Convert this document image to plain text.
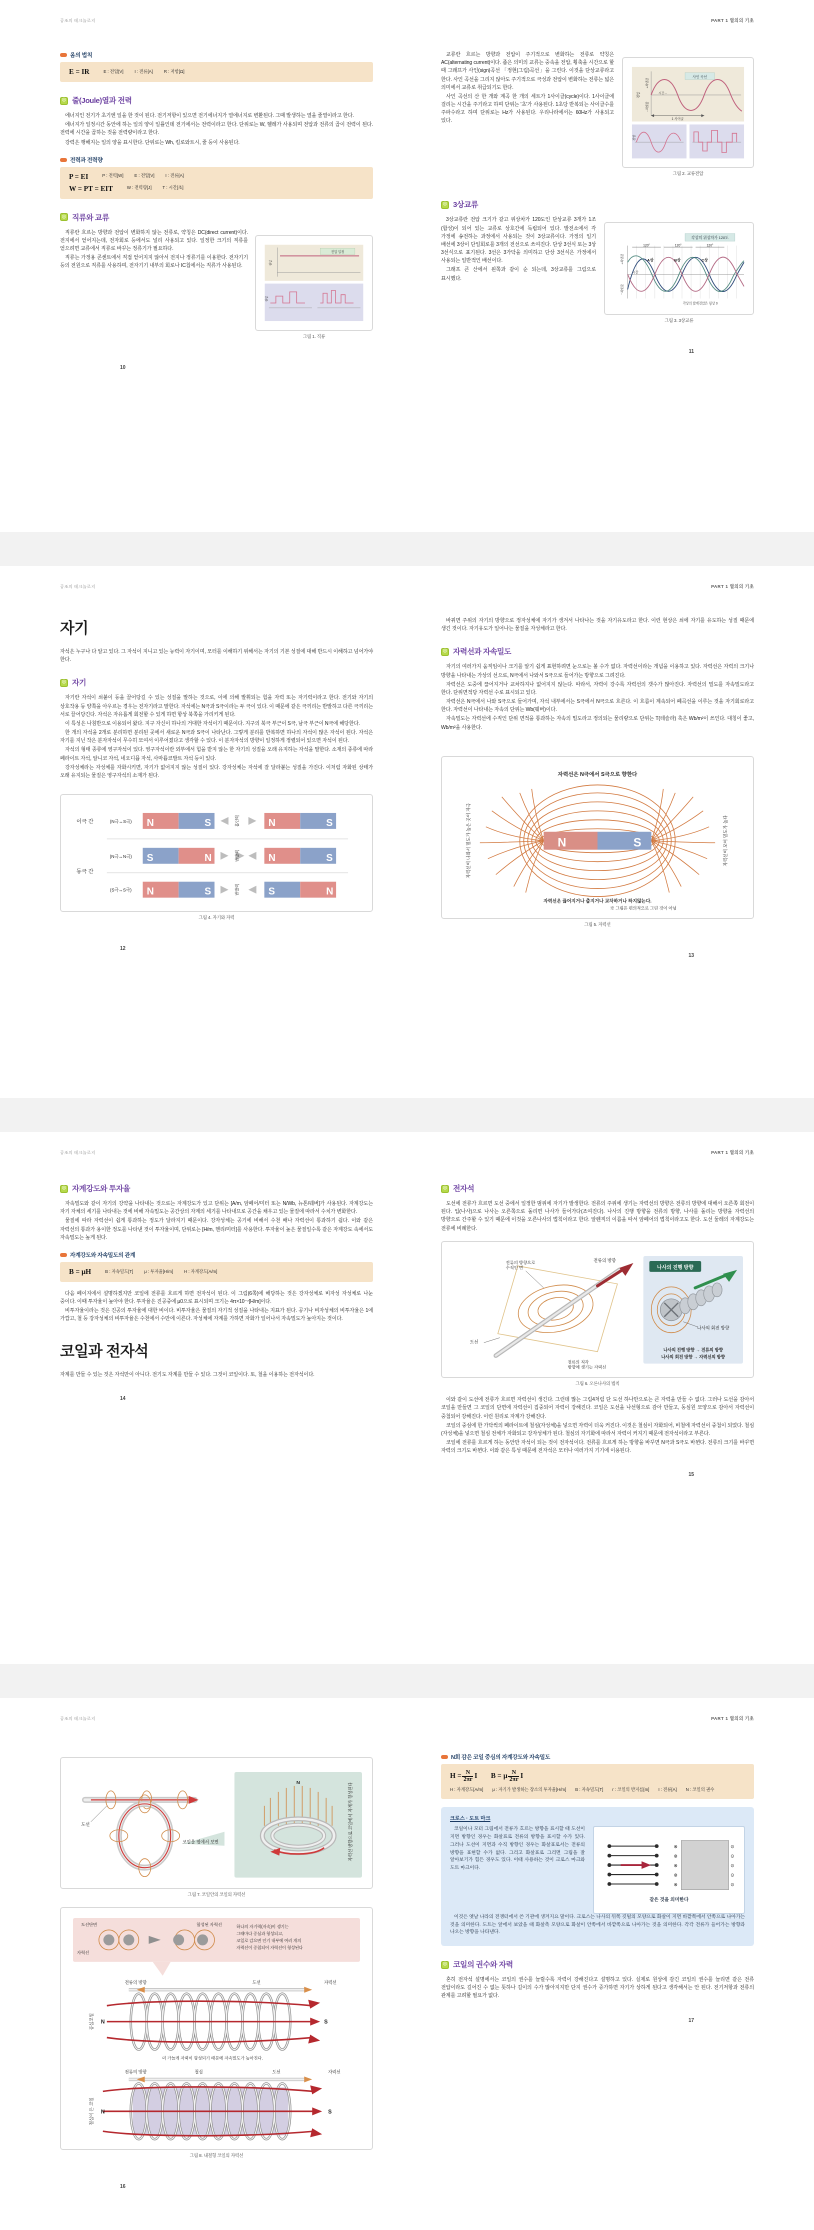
공조의 테크놀로지
옴의 법칙
E = IR	E : 전압[V]	I : 전류[A]	R : 저항[Ω]
◎ 줄(Joule)열과 전력

에너지인 전기가 초기엔 일을 한 것이 된다. 전기저항이 있으면 전기에너지가 열에너지로 변환된다. 그때 발생하는 열을 줄열이라고 한다.

에너지가 일정시간 동안에 하는 일의 양이 일률인데 전기에서는 전력이라고 한다. 단위로는 W, 헬레가 사용되며 전압과 전류의 곱이 전력이 된다. 전력에 시간을 곱하는 것을 전력량이라고 한다.

강력은 행해지는 일의 양을 표시한다. 단위로는 Wh, 킬로와트시, 줄 등이 사용된다.

전력과 전력량
P = EI	P : 전력[W]	E : 전압[V]	I : 전류[A]
W = PT = EIT	W : 전력량[J]	T : 시간[초]
◎ 직류와 교류

직류란 흐르는 방향과 전압이 변화하지 않는 전류로, 약칭은 DC(direct current)이다. 전지에서 얻어지는데, 전자회로 등에서도 널리 사용되고 있다. 일정한 크기의 직류를 얻으려면 교류에서 직류로 바꾸는 정류기가 필요하다.

직류는 가정용 콘센트에서 직접 얻어지지 않아서 전지나 정류기를 이용한다. 전자기기 등의 전원으로 직류를 사용하며, 전자기기 내부의 회로나 IC칩에서는 직류가 사용된다.

전압 일정
전압
전압
그림 1. 직류
10
PART 1 열의의 기초

교류란 흐르는 방향과 전압이 주기적으로 변화하는 전류로 약칭은 AC(alternating current)이다. 좁은 의미의 교류는 중속을 전압, 횡축을 시간으로 할 때 그래프가 사인(sign)곡선 「정현(그림)곡선」을 그린다. 이것을 단상교류라고 한다. 사인 곡선을 그리지 않아도 주기적으로 극성과 전압이 변화하는 전류는 넓은 의미에서 교류로 취급되기도 한다.

사인 곡선의 산 한 개와 계곡 한 개의 세트가 1사이클(cycle)이다. 1사이클에 걸리는 시간을 주기라고 하며 단위는 '초'가 사용된다. 1초당 반복되는 사이클수를 주파수라고 하며 단위로는 Hz가 사용된다. 우리나라에서는 60Hz가 사용되고 있다.

사인 곡선
+최댓값
−최댓값
전압	시간→
1 사이클
전압
그림 2. 교류전압
◎ 3상교류

3상교류란 전압 크기가 같고 위상차가 120도인 단상교류 3개가 1조(합성)이 되어 있는 교류로 상호간에 독립되어 있다. 발전소에서 각 가정에 송전하는 과정에서 사용되는 것이 3상교류이다. 가정의 일기 배선에 3상이 단일회로를 3개의 전선으로 쓰여진다. 단상 3선식 또는 3상 3선식으로 표기된다. 3선은 3가닥을 의미하고 단상 3선식은 가정에서 사용되는 일반적인 배선이다.

그래프 큰 산에서 왼쪽과 같이 순 되는데, 3상교류를 그림으로 표시했다.

각상의 위상차가 120도
120°	120°	120°
A상	B상	C상
+최댓값
−최댓값
시간
각상의 합계전압은 항상 0
그림 3. 3상교류
11
공조의 테크놀로지
자기

자석은 누구나 다 알고 있다. 그 자석이 지니고 있는 능력이 자기이며, 모터를 이해하기 위해서는 자기의 기본 성질에 대해 반드시 이해하고 넘어가야 한다.

◎ 자기

자기란 자석이 쇠붙이 등을 끌어당길 수 있는 성질을 말하는 것으로, 이에 의해 발휘되는 힘을 자력 또는 자기력이라고 한다. 전기와 자기의 상호작용 등 양쪽을 아우르는 경우는 전자기라고 말한다. 자석에는 N극과 S극이라는 두 극이 있다. 이 때문에 같은 극끼리는 반발하고 다른 극끼리는 서로 끌어당긴다. 자석은 자유롭게 회전할 수 있게 하면 항상 북쪽을 가리키게 된다.

이 특성은 나침반으로 이용되어 왔다. 지구 자신이 하나의 거대한 자석이기 때문이다. 지구의 북극 부근이 S극, 남극 부근이 N극에 해당한다.

한 개의 자석을 2개로 분리하면 분리된 곳에서 새로운 N극과 S극이 나타난다. 그렇게 분리를 반복하면 하나의 자석이 많은 자석이 된다. 자석은 자기를 지닌 작은 분자자석이 무수히 모여서 이루어졌다고 생각할 수 있다. 이 분자자석의 방향이 일정하게 정렬되어 있으면 자석이 된다.

자석의 형태 종류에 영구자석이 있다. 영구자석이란 외부에서 힘을 받지 않는 한 자기의 성질을 오래 유지하는 자석을 말한다. 소재의 종류에 따라 페라이트 자석, 알니코 자석, 네오디뮴 자석, 사마륨코발트 자석 등이 있다.

강자성체라는 자성체를 자화시키면, 자기가 없어지지 않는 성질이 있다. 강자성체는 자석에 잘 달라붙는 성질을 가진다. 이처럼 자화된 상태가 오래 유지되는 물질은 영구자석의 소재가 된다.

이극 간
동극 간
(N극↔S극) N	S	흡인력	N	S
(N극↔N극) S	N	반발력	N	S
(S극↔S극) N	S	반발력	S	N
그림 4. 자기와 자력
12
PART 1 열의의 기초

바뀌면 주위의 자기의 방향으로 정자성체에 자기가 생겨서 나타나는 것을 자기유도라고 한다. 이런 현상은 쇠에 자기를 유도하는 성질 때문에 생긴 것이다. 자기유도가 일어나는 물질을 자성체라고 한다.

◎ 자력선과 자속밀도

자기의 여러가지 움직임이나 크기를 알기 쉽게 표현하려면 눈으로는 볼 수가 없다. 자력선이라는 개념을 이용하고 있다. 자력선은 자력의 크기나 방향을 나타내는 가상의 선으로, N극에서 나와서 S극으로 들어가는 방향으로 그려진다.

자력선은 도중에 끊어지거나 교차하지나 없어지지 않는다. 따라서, 자력이 강수록 자력선의 갯수가 많아진다. 자력선의 밀도를 자속밀도라고 한다. 단위면적당 자력선 수로 표시되고 있다.

자력선은 N극에서 나와 S극으로 들어가며, 자석 내부에서는 S극에서 N극으로 흐른다. 이 흐름이 계속되어 폐곡선을 이루는 것을 자기회로라고 한다. 자력선이 나타내는 자속의 단위는 Wb(웨버)이다.

자속밀도는 자력선에 수직인 단위 면적을 통과하는 자속의 밀도라고 정의되는 물리량으로 단위는 T(테슬라) 혹은 Wb/m²이 쓰인다. 대칭이 좋고, Wb/m²을 사용한다.

자력선은 N극에서 S극으로 향한다
자력선이 나와서 밀도가 높은 곳이 자극	자력선이 모여 밀도가 높다
N	S
자력선은 끊어지거나 춥지거나 교차하거나 하지않는다.
※ 그림은 편의적으로 그린 것이 아님
그림 5. 자력선
13
공조의 테크놀로지
◎ 자계강도와 투자율

자속밀도와 같이 자기의 강약을 나타내는 것으로는 자계강도가 있고 단위는 [A/m, 암페어/미터 또는 N/Wb, 뉴톤/웨버]가 사용된다. 자계강도는 자기 자체의 세기를 나타내는 것에 비해 자속밀도는 공간상의 자계의 세기를 나타내므로 공간을 채우고 있는 물질에 따라서 수치가 변화한다.

물질에 따라 자력선이 쉽게 통과하는 정도가 달라지기 때문이다. 강자성체는 공기에 비해서 수천 배나 자력선이 통과하기 쉽다. 이와 같은 자력선의 통과가 용이한 정도를 나타낸 것이 투자율이며, 단위로는 [H/m, 헨리/미터]를 사용한다. 투자율이 높은 물질일수록 같은 자계강도 속에서도 자속밀도는 높게 된다.

자계강도와 자속밀도의 관계
B = μH	B : 자속밀도[T]	μ : 투자율[H/m]	H : 자계강도[A/m]

다음 페이지에서 설명하겠지만 코일에 전류를 흐르게 하면 전자석이 된다. 이 그림(6쪽)에 해당하는 것은 강자성체로 비자성 자성체로 나눈 중이다. 이때 투자율이 높아야 한다. 투자율은 진공중에 µ0으로 표시되며 크기는 4π×10⁻⁷[H/m]이다.

비투자율이라는 것은 진공의 투자율에 대한 비이다. 비투자율은 물질의 자기적 성질을 나타내는 지표가 된다. 공기나 비자성체의 비투자율은 1에 가깝고, 철 등 강자성체의 비투자율은 수천에서 수만에 이른다. 자성체에 자계를 가하면 자화가 일어나서 자속밀도가 높아지는 것이다.

코일과 전자석

자계를 만들 수 있는 것은 자석만이 아니다. 전기도 자계를 만들 수 있다. 그것이 코일이다. 또, 철을 이용하는 전자석이다.

14
PART 1 열의의 기초
◎ 전자석

도선에 전류가 흐르면 도선 중에서 일정한 범위에 자기가 발생한다. 전류의 주위에 생기는 자력선의 방향은 전류의 방향에 대해서 오른쪽 회전이 된다. 입(나사)으로 나사는 오른쪽으로 돌리면 나사가 들어가다(조여진다). 나사의 진행 방향을 전류의 방향, 나사를 돌리는 방향을 자력선의 방향으로 간주할 수 있기 때문에 이것을 오른나사의 법칙이라고 한다. 알렌직의 이름을 따서 암페어의 법칙이라고도 한다. 도선 둘레의 자계강도는 전류에 비례한다.

전류의 방향으로
수직인 면
전류의 방향
도선
전류의 직각
방향에 생기는 자력선
나사의 진행 방향
나사의 회전 방향
나사의 진행 방향 → 전류의 방향
나사의 회전 방향 → 자력선의 방향
그림 6. 오른나사의 법칙

이와 같이 도선에 전류가 흐르면 자력선이 생긴다. 그런데 많는 그림4처럼 단 도선 하나만으로는 큰 자력을 만들 수 없다. 그러나 도선을 감아서 코일을 만들면 그 코일의 단면에 자력선이 집중되어 자력이 강해진다. 코일은 도선을 나선형으로 감아 만들고, 동심원 모양으로 감아서 자력선이 중첩되어 강해진다. 이런 원리로 자계가 강해진다.

코일의 중심에 한 가닥씩의 페라이트에 철심(자성체)을 넣으면 자력이 더욱 커진다. 이것은 철심이 자화되어, 비철에 자력선이 중첩이 되었다. 철심(자성체)을 넣으면 철심 전체가 자화되고 강자성체가 된다. 철심의 자기화에 따라서 자력이 커지기 때문에 전자석이라고 부른다.

코일에 전류를 흐르게 하는 동안만 자석이 되는 것이 전자석이다. 전류를 흐르게 하는 방향을 바꾸면 N극과 S극도 바뀐다. 전류의 크기를 바꾸면 자력의 크기도 바뀐다. 이와 같은 특성 때문에 전자석은 모터나 여러가지 기기에 이용된다.

15
공조의 테크놀로지
도선
코일을 옆에서 보면
N	자력선 방향으로 코일에서 자계가 형성된다
그림 7. 코일안의 코일의 자력선
도선단면
자력선
합성된 자력선	하나의 자기력(자속)이 생기는
그때마다 중심과 형성되고,
코일로 감으면 인기 내부에 여러 개의
자력선이 중첩되어 자력선이 형성된다
전류의 방향	도선	자력선
공심코일 N	S
더 가늘게 자력이 형성되기 때문에 자속밀도가 높아진다.
전류의 방향	철심	도선	자력선
철심이 든 코일 N	S
그림 8. 내철형 코일의 자력선
16
PART 1 열의의 기초
N회 감은 코일 중심의 자계강도와 자속밀도
$H = \frac{N}{2\pi r}$ I B = μ $\frac{N}{2\pi r}$ I
H : 자계강도[A/m] μ : 자기가 발생하는 장소의 투자율[H/m] B : 자속밀도[T] r : 코일의 반지름[m] I : 전류[A] N : 코일의 권수
크로스 · 도트 마크

코일이나 모터 그림에서 전류가 흐르는 방향을 표시할 때 도선이 지면 방향인 경우는 화살표로 전류의 방향을 표시할 수가 있다. 그러나 도선이 지면과 수직 방향인 경우는 화살표로서는 전류의 방향을 표현할 수가 없다. 그리고 화살표로 그리면 그림을 잘 알아보기가 힘든 경우도 있다. 이때 사용하는 것이 크로스 마크와 도트 마크이다.

⊗
⊗
⊗
⊗
⊗
⊙
⊙
⊙
⊙
⊙
같은 것을 의미한다

이것은 옛날 나라의 전쟁터에서 쓴 기관에 생겨지요 말이다. 크로스는 나사의 뒤쪽 깃털의 모양으로 화살이 지면 바깥쪽에서 안쪽으로 나아가는 것을 의미한다. 도트는 앞에서 보았을 때 화살촉 모양으로 화살이 안쪽에서 바깥쪽으로 나아가는 것을 의미한다. 각각 전류가 들어가는 방향과 나오는 방향을 나타낸다.

◎ 코일의 권수와 자력

혼히 전자석 설명에서는 코일의 권수를 늘릴수록 자력이 강해진다고 설명하고 있다. 실제로 원상에 감긴 코일의 권수를 늘리면 같은 전류 전압이라도 길어진 수 없는 뜻하나 길이의 수가 많아지지만 단지 권수가 증가하면 자기가 상하게 된다고 생각해서는 안 된다. 전기저항과 전류의 관계를 고려할 필요가 없다.

17
